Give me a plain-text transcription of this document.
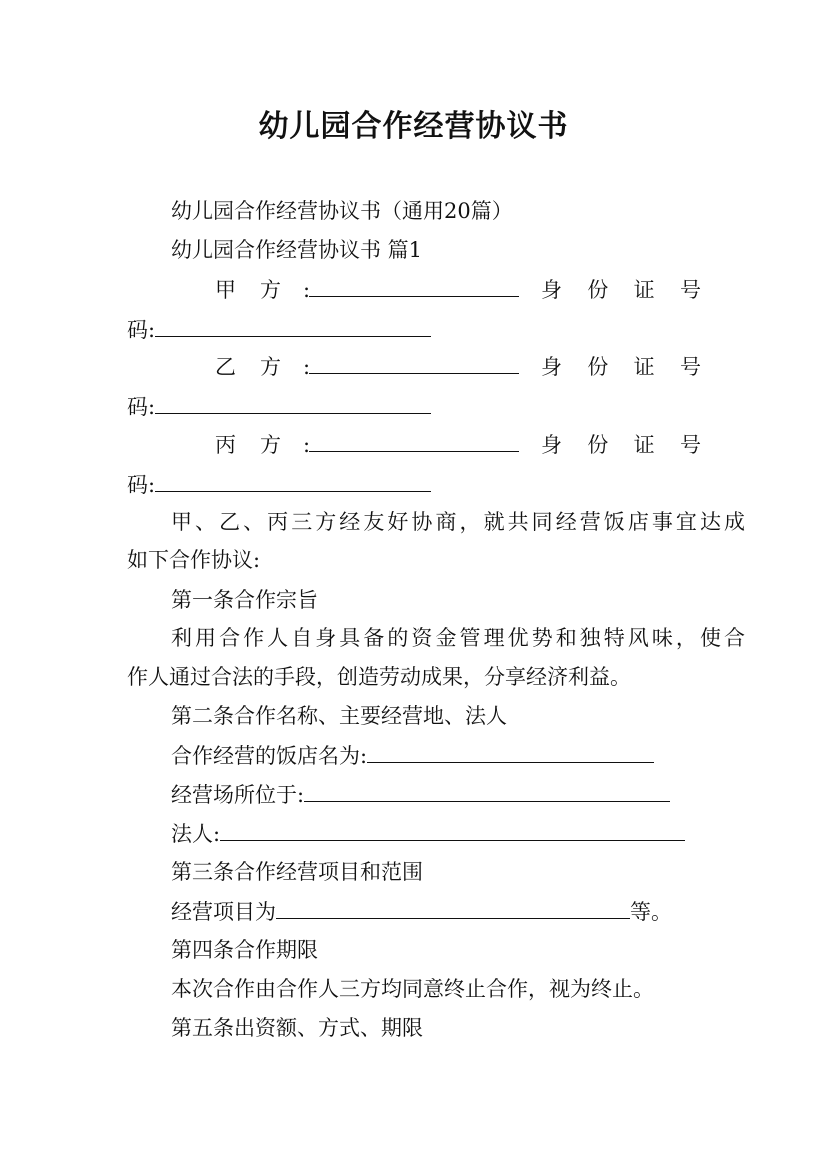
幼儿园合作经营协议书
幼儿园合作经营协议书（通用20篇）
幼儿园合作经营协议书 篇1
甲 方 :	身 份 证 号
码:
乙 方 :	身 份 证 号
码:
丙 方 :	身 份 证 号
码:
甲、乙、丙三方经友好协商，就共同经营饭店事宜达成
如下合作协议:
第一条合作宗旨
利用合作人自身具备的资金管理优势和独特风味，使合
作人通过合法的手段，创造劳动成果，分享经济利益。
第二条合作名称、主要经营地、法人
合作经营的饭店名为:
经营场所位于:
法人:
第三条合作经营项目和范围
经营项目为	等。
第四条合作期限
本次合作由合作人三方均同意终止合作，视为终止。
第五条出资额、方式、期限
